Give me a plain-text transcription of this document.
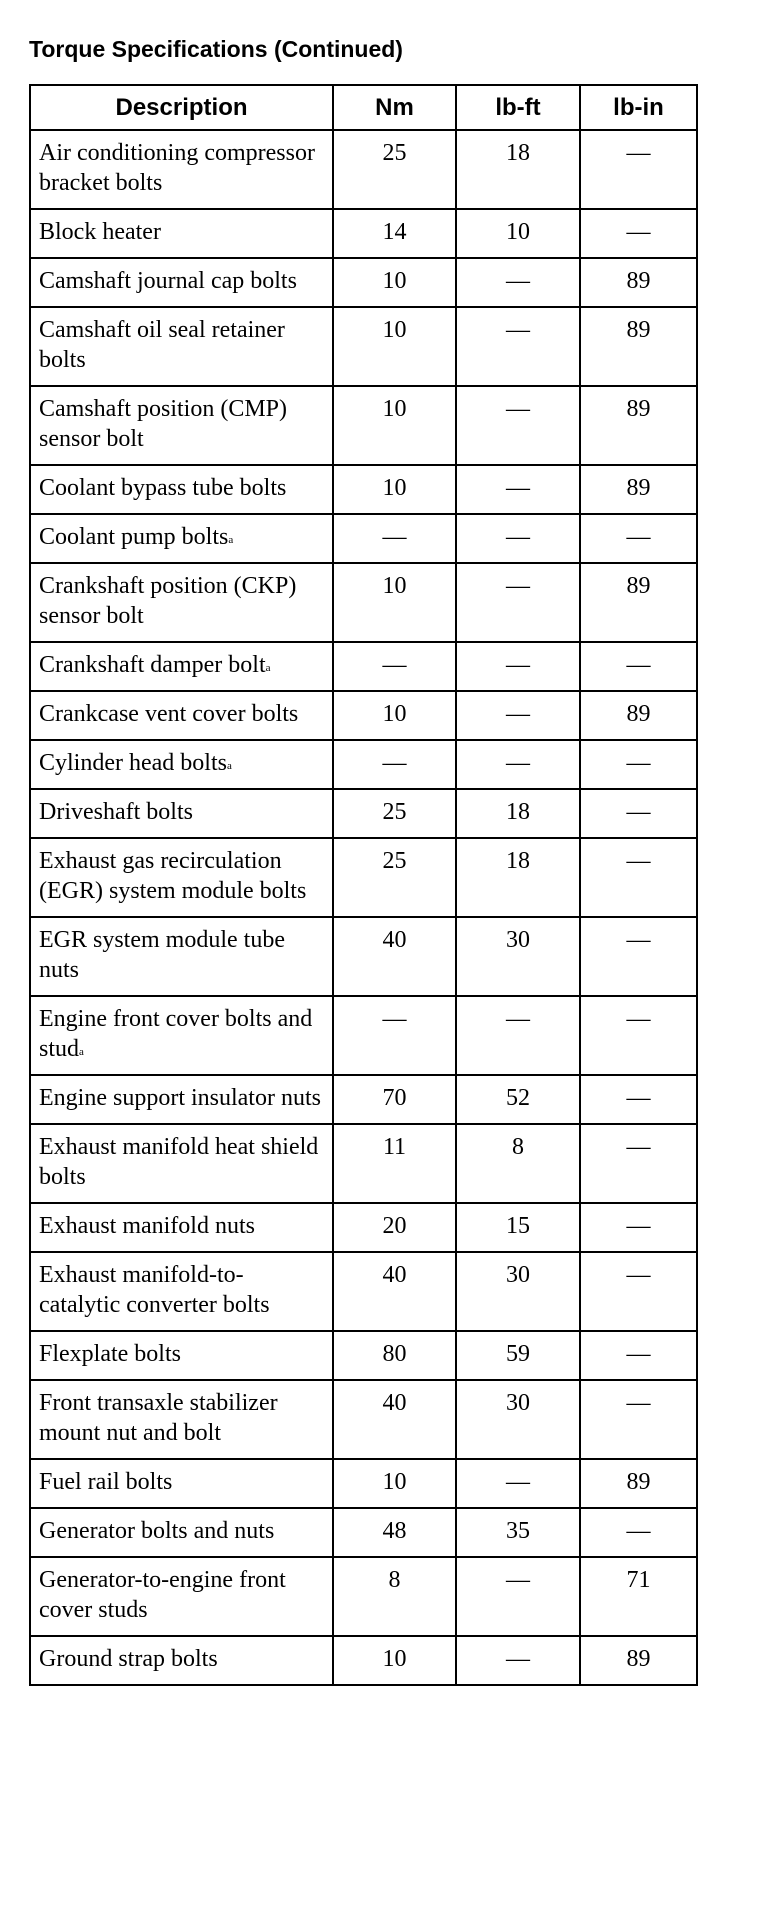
Torque Specifications (Continued)
Description	Nm	lb-ft	lb-in
Air conditioning compressor bracket bolts	25	18	—
Block heater	14	10	—
Camshaft journal cap bolts	10	—	89
Camshaft oil seal retainer bolts	10	—	89
Camshaft position (CMP) sensor bolt	10	—	89
Coolant bypass tube bolts	10	—	89
Coolant pump bolts$^a$	—	—	—
Crankshaft position (CKP) sensor bolt	10	—	89
Crankshaft damper bolt$^a$	—	—	—
Crankcase vent cover bolts	10	—	89
Cylinder head bolts$^a$	—	—	—
Driveshaft bolts	25	18	—
Exhaust gas recirculation (EGR) system module bolts	25	18	—
EGR system module tube nuts	40	30	—
Engine front cover bolts and stud$^a$	—	—	—
Engine support insulator nuts	70	52	—
Exhaust manifold heat shield bolts	11	8	—
Exhaust manifold nuts	20	15	—
Exhaust manifold-to-catalytic converter bolts	40	30	—
Flexplate bolts	80	59	—
Front transaxle stabilizer mount nut and bolt	40	30	—
Fuel rail bolts	10	—	89
Generator bolts and nuts	48	35	—
Generator-to-engine front cover studs	8	—	71
Ground strap bolts	10	—	89
